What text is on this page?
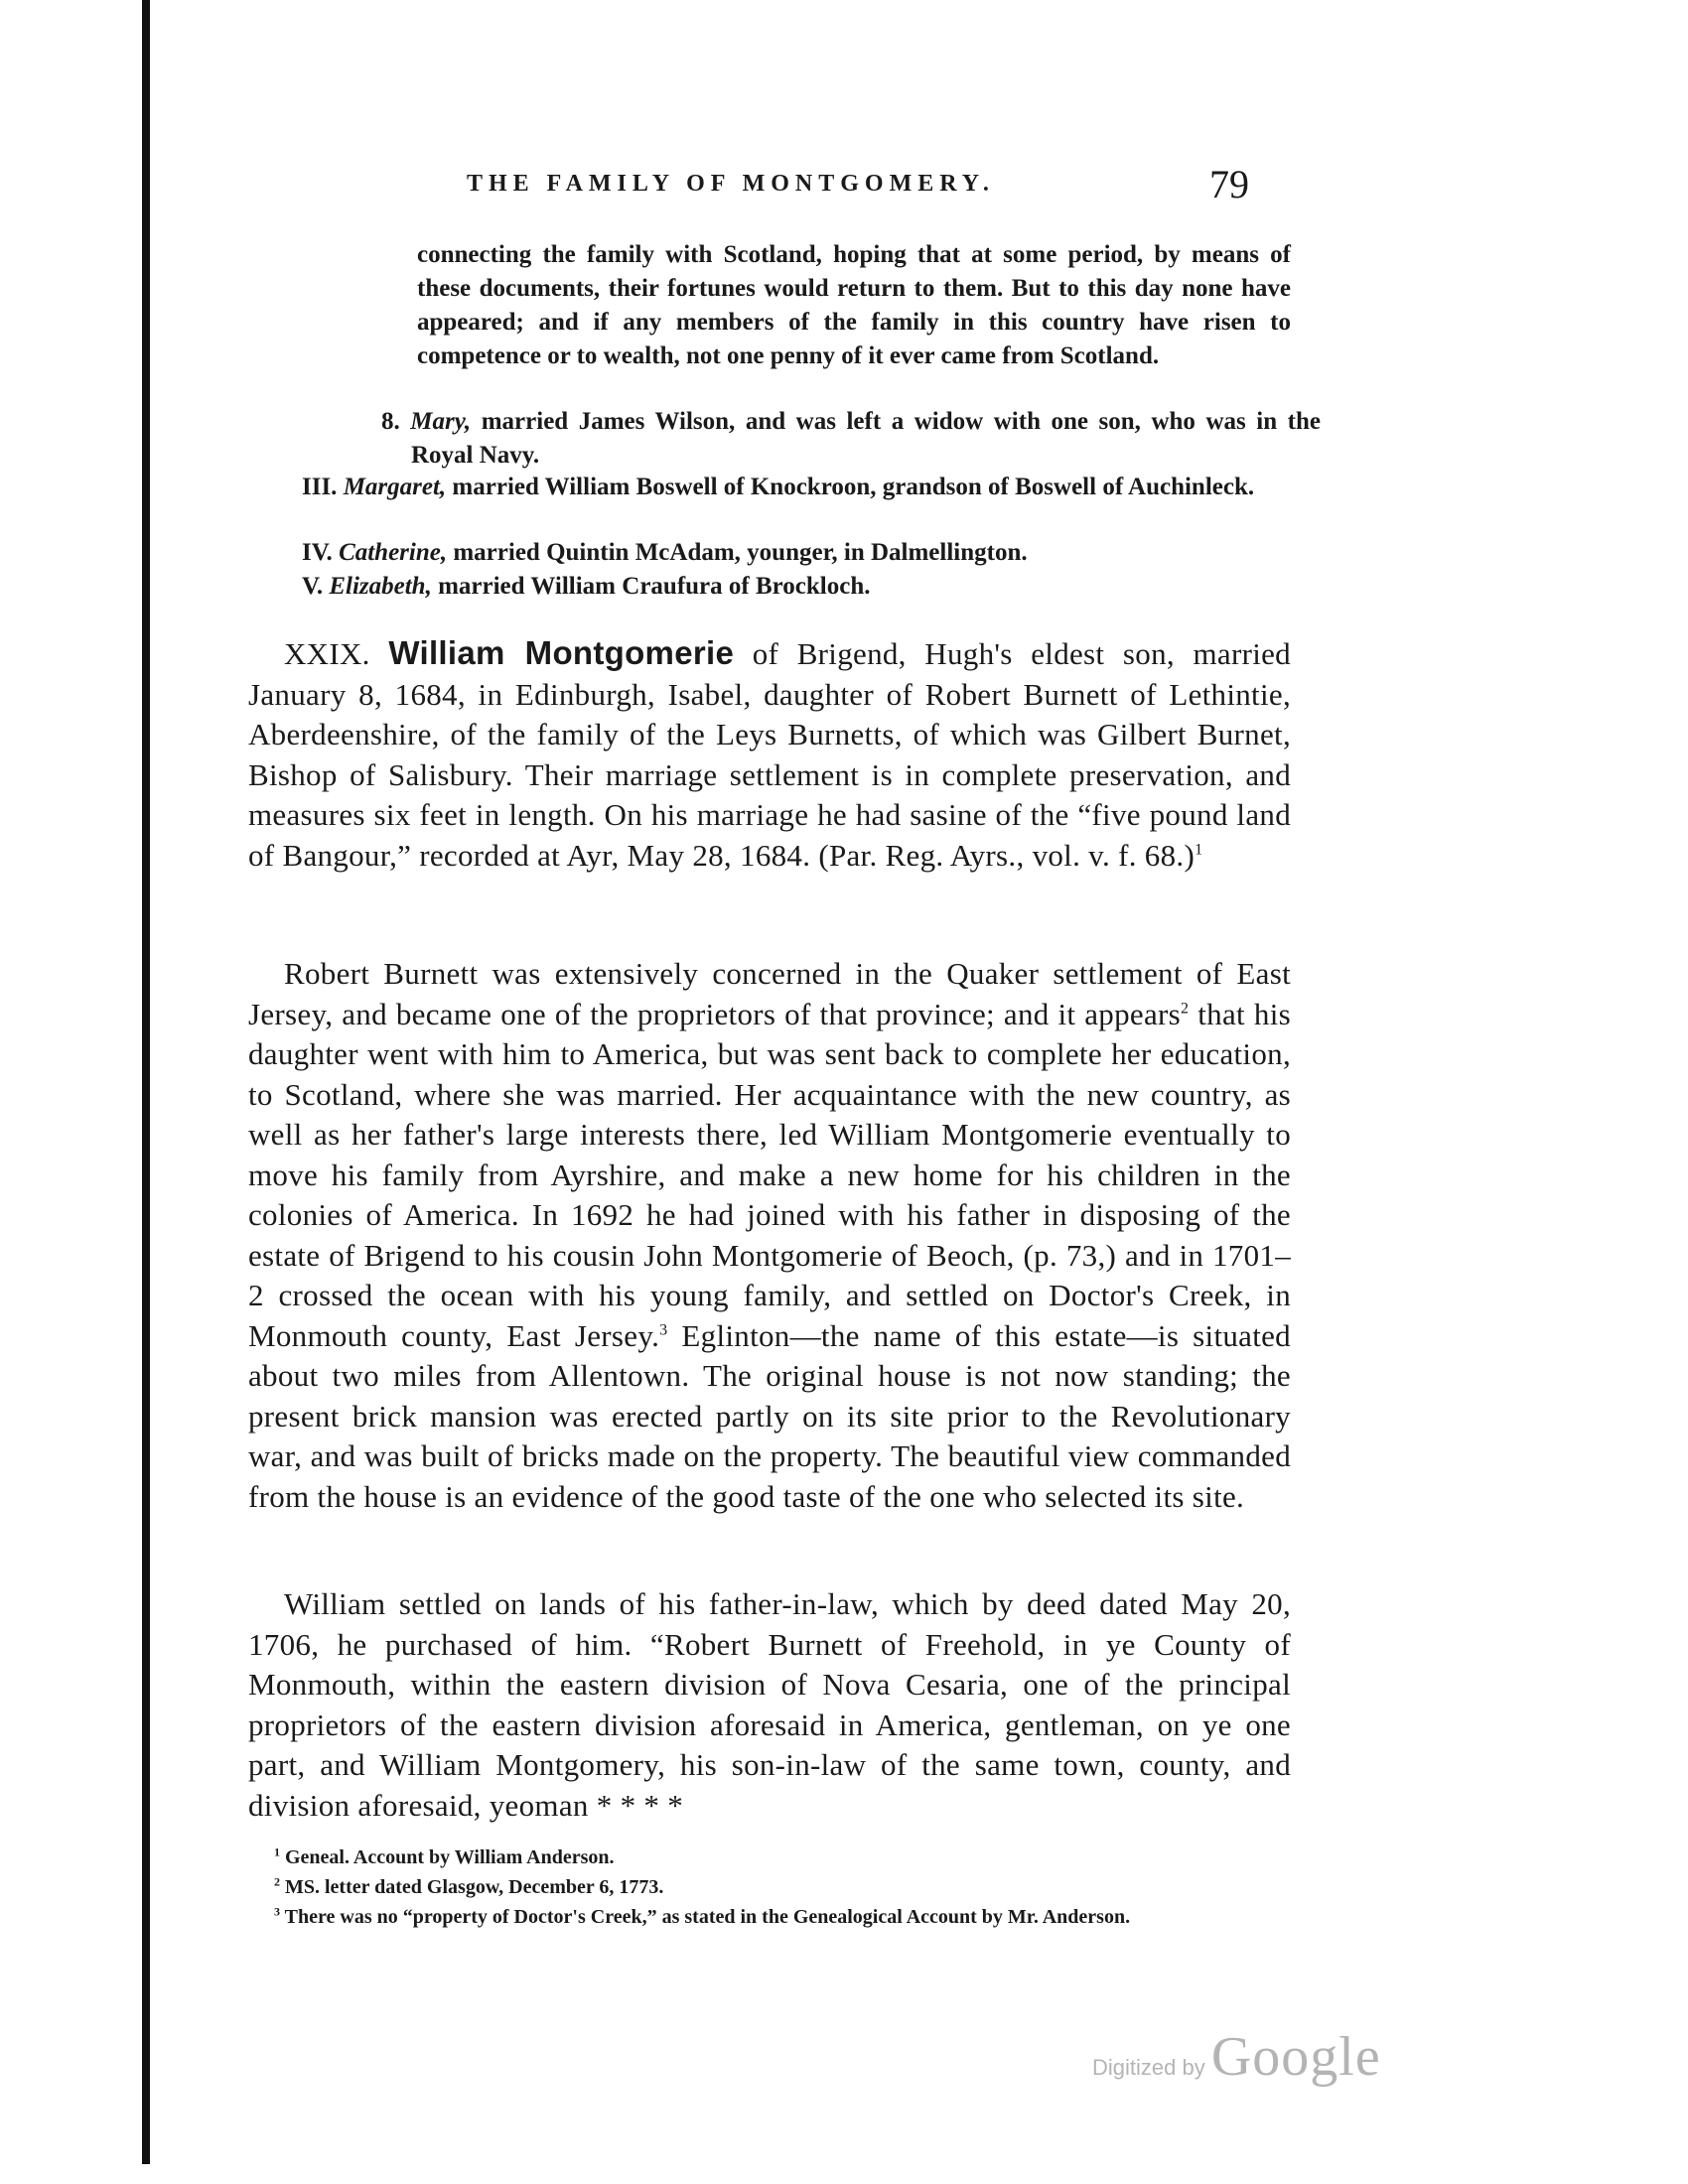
THE FAMILY OF MONTGOMERY.	79
connecting the family with Scotland, hoping that at some period, by means of these documents, their fortunes would return to them. But to this day none have appeared; and if any members of the family in this country have risen to competence or to wealth, not one penny of it ever came from Scotland.
8. Mary, married James Wilson, and was left a widow with one son, who was in the Royal Navy.
III. Margaret, married William Boswell of Knockroon, grandson of Boswell of Auchinleck.
IV. Catherine, married Quintin McAdam, younger, in Dalmellington.
V. Elizabeth, married William Craufura of Brockloch.

XXIX. William Montgomerie of Brigend, Hugh's eldest son, married January 8, 1684, in Edinburgh, Isabel, daughter of Robert Burnett of Lethintie, Aberdeenshire, of the family of the Leys Burnetts, of which was Gilbert Burnet, Bishop of Salisbury. Their marriage settlement is in complete preservation, and measures six feet in length. On his marriage he had sasine of the “five pound land of Bangour,” recorded at Ayr, May 28, 1684. (Par. Reg. Ayrs., vol. v. f. 68.)$^1$

Robert Burnett was extensively concerned in the Quaker settlement of East Jersey, and became one of the proprietors of that province; and it appears$^2$ that his daughter went with him to America, but was sent back to complete her education, to Scotland, where she was married. Her acquaintance with the new country, as well as her father's large interests there, led William Montgomerie eventually to move his family from Ayrshire, and make a new home for his children in the colonies of America. In 1692 he had joined with his father in disposing of the estate of Brigend to his cousin John Montgomerie of Beoch, (p. 73,) and in 1701–2 crossed the ocean with his young family, and settled on Doctor's Creek, in Monmouth county, East Jersey.$^3$ Eglinton—the name of this estate—is situated about two miles from Allentown. The original house is not now standing; the present brick mansion was erected partly on its site prior to the Revolutionary war, and was built of bricks made on the property. The beautiful view commanded from the house is an evidence of the good taste of the one who selected its site.

William settled on lands of his father-in-law, which by deed dated May 20, 1706, he purchased of him. “Robert Burnett of Freehold, in ye County of Monmouth, within the eastern division of Nova Cesaria, one of the principal proprietors of the eastern division aforesaid in America, gentleman, on ye one part, and William Montgomery, his son-in-law of the same town, county, and division aforesaid, yeoman * * * *

$^1$ Geneal. Account by William Anderson.

$^2$ MS. letter dated Glasgow, December 6, 1773.

$^3$ There was no “property of Doctor's Creek,” as stated in the Genealogical Account by Mr. Anderson.

Digitized by Google
